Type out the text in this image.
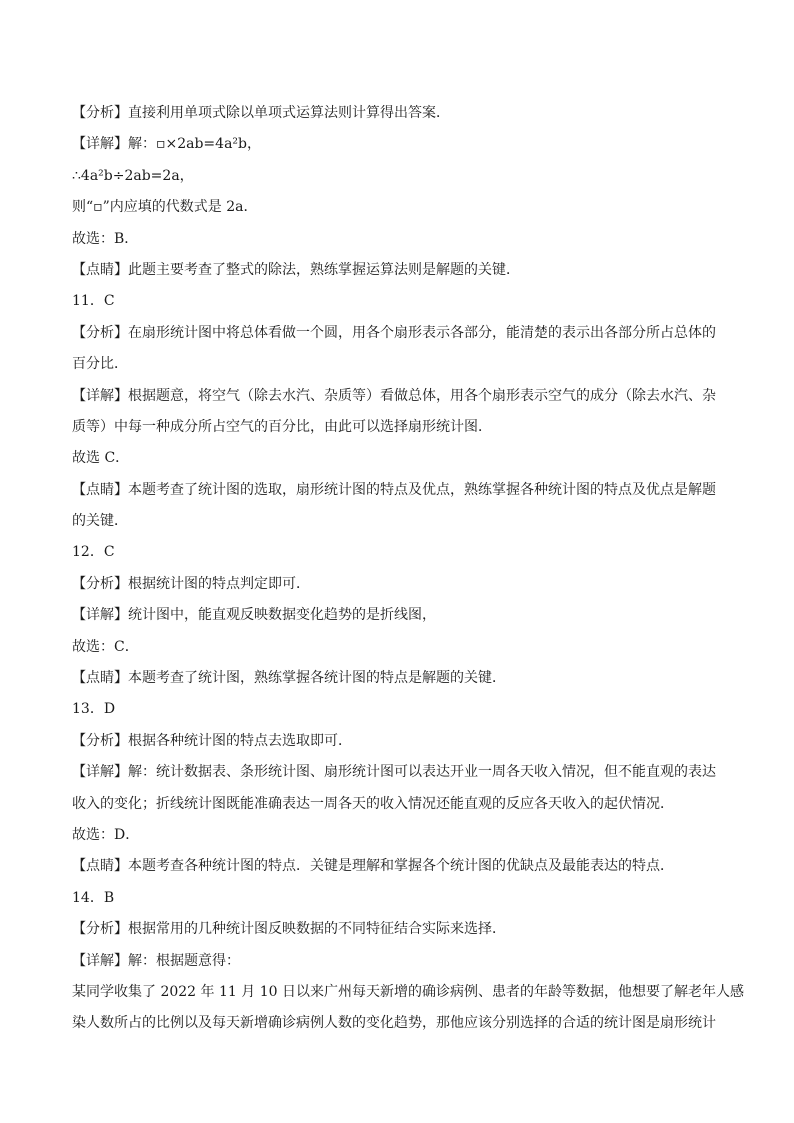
【分析】直接利用单项式除以单项式运算法则计算得出答案．
【详解】解：▫×2ab=4a²b，
∴4a²b÷2ab=2a，
则“▫”内应填的代数式是 2a．
故选：B．
【点睛】此题主要考查了整式的除法，熟练掌握运算法则是解题的关键．
11．C
【分析】在扇形统计图中将总体看做一个圆，用各个扇形表示各部分，能清楚的表示出各部分所占总体的
百分比．
【详解】根据题意，将空气（除去水汽、杂质等）看做总体，用各个扇形表示空气的成分（除去水汽、杂
质等）中每一种成分所占空气的百分比，由此可以选择扇形统计图．
故选 C．
【点睛】本题考查了统计图的选取，扇形统计图的特点及优点，熟练掌握各种统计图的特点及优点是解题
的关键．
12．C
【分析】根据统计图的特点判定即可．
【详解】统计图中，能直观反映数据变化趋势的是折线图，
故选：C．
【点睛】本题考查了统计图，熟练掌握各统计图的特点是解题的关键．
13．D
【分析】根据各种统计图的特点去选取即可．
【详解】解：统计数据表、条形统计图、扇形统计图可以表达开业一周各天收入情况，但不能直观的表达
收入的变化；折线统计图既能准确表达一周各天的收入情况还能直观的反应各天收入的起伏情况．
故选：D．
【点睛】本题考查各种统计图的特点．关键是理解和掌握各个统计图的优缺点及最能表达的特点．
14．B
【分析】根据常用的几种统计图反映数据的不同特征结合实际来选择．
【详解】解：根据题意得：
某同学收集了 2022 年 11 月 10 日以来广州每天新增的确诊病例、患者的年龄等数据，他想要了解老年人感
染人数所占的比例以及每天新增确诊病例人数的变化趋势，那他应该分别选择的合适的统计图是扇形统计
